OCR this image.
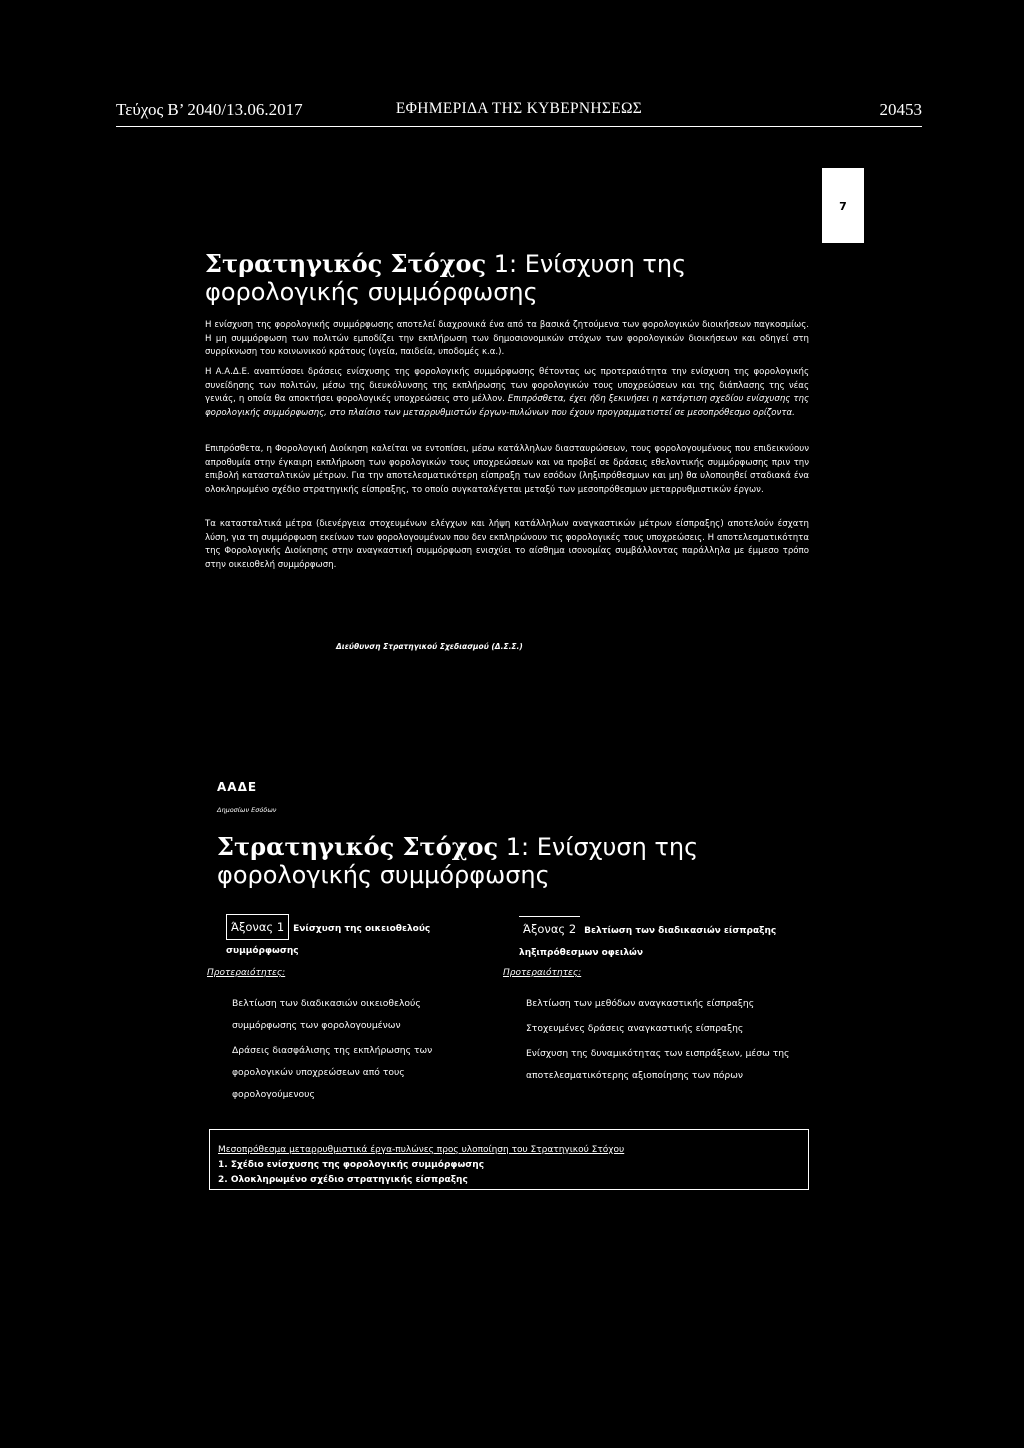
Τεύχος Β’ 2040/13.06.2017	ΕΦΗΜΕΡΙΔΑ ΤΗΣ ΚΥΒΕΡΝΗΣΕΩΣ	20453
7
Στρατηγικός Στόχος 1: Ενίσχυση της φορολογικής συμμόρφωσης
Η ενίσχυση της φορολογικής συμμόρφωσης αποτελεί διαχρονικά ένα από τα βασικά ζητούμενα των φορολογικών διοικήσεων παγκοσμίως. Η μη συμμόρφωση των πολιτών εμποδίζει την εκπλήρωση των δημοσιονομικών στόχων των φορολογικών διοικήσεων και οδηγεί στη συρρίκνωση του κοινωνικού κράτους (υγεία, παιδεία, υποδομές κ.α.).
Η Α.Α.Δ.Ε. αναπτύσσει δράσεις ενίσχυσης της φορολογικής συμμόρφωσης θέτοντας ως προτεραιότητα την ενίσχυση της φορολογικής συνείδησης των πολιτών, μέσω της διευκόλυνσης της εκπλήρωσης των φορολογικών τους υποχρεώσεων και της διάπλασης της νέας γενιάς, η οποία θα αποκτήσει φορολογικές υποχρεώσεις στο μέλλον. Επιπρόσθετα, έχει ήδη ξεκινήσει η κατάρτιση σχεδίου ενίσχυσης της φορολογικής συμμόρφωσης, στο πλαίσιο των μεταρρυθμιστών έργων-πυλώνων που έχουν προγραμματιστεί σε μεσοπρόθεσμο ορίζοντα.
Επιπρόσθετα, η Φορολογική Διοίκηση καλείται να εντοπίσει, μέσω κατάλληλων διασταυρώσεων, τους φορολογουμένους που επιδεικνύουν απροθυμία στην έγκαιρη εκπλήρωση των φορολογικών τους υποχρεώσεων και να προβεί σε δράσεις εθελοντικής συμμόρφωσης πριν την επιβολή κατασταλτικών μέτρων. Για την αποτελεσματικότερη είσπραξη των εσόδων (ληξιπρόθεσμων και μη) θα υλοποιηθεί σταδιακά ένα ολοκληρωμένο σχέδιο στρατηγικής είσπραξης, το οποίο συγκαταλέγεται μεταξύ των μεσοπρόθεσμων μεταρρυθμιστικών έργων.
Τα κατασταλτικά μέτρα (διενέργεια στοχευμένων ελέγχων και λήψη κατάλληλων αναγκαστικών μέτρων είσπραξης) αποτελούν έσχατη λύση, για τη συμμόρφωση εκείνων των φορολογουμένων που δεν εκπληρώνουν τις φορολογικές τους υποχρεώσεις. Η αποτελεσματικότητα της Φορολογικής Διοίκησης στην αναγκαστική συμμόρφωση ενισχύει το αίσθημα ισονομίας συμβάλλοντας παράλληλα με έμμεσο τρόπο στην οικειοθελή συμμόρφωση.
Διεύθυνση Στρατηγικού Σχεδιασμού (Δ.Σ.Σ.)
ΑΑΔΕ
Δημοσίων Εσόδων
Στρατηγικός Στόχος 1: Ενίσχυση της φορολογικής συμμόρφωσης
Άξονας 1 Ενίσχυση της οικειοθελούς συμμόρφωσης
Άξονας 2 Βελτίωση των διαδικασιών είσπραξης ληξιπρόθεσμων οφειλών
Προτεραιότητες:	Προτεραιότητες:
Βελτίωση των διαδικασιών οικειοθελούς συμμόρφωσης των φορολογουμένων
Δράσεις διασφάλισης της εκπλήρωσης των φορολογικών υποχρεώσεων από τους φορολογούμενους
Βελτίωση των μεθόδων αναγκαστικής είσπραξης
Στοχευμένες δράσεις αναγκαστικής είσπραξης
Ενίσχυση της δυναμικότητας των εισπράξεων, μέσω της αποτελεσματικότερης αξιοποίησης των πόρων
Μεσοπρόθεσμα μεταρρυθμιστικά έργα-πυλώνες προς υλοποίηση του Στρατηγικού Στόχου
1. Σχέδιο ενίσχυσης της φορολογικής συμμόρφωσης
2. Ολοκληρωμένο σχέδιο στρατηγικής είσπραξης
